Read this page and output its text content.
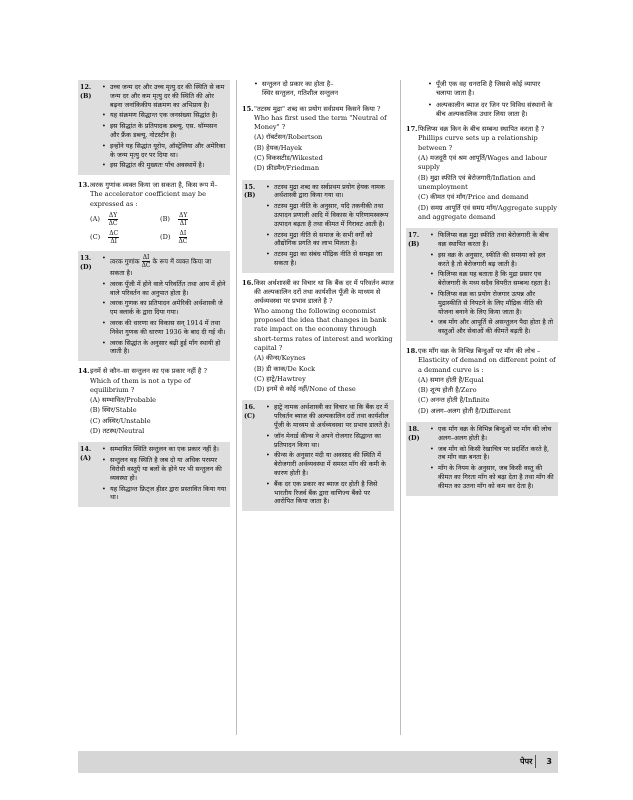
12. (B)
• उच्च जन्म दर और उच्च मृत्यु दर की स्थिति से कम जन्म दर और कम मृत्यु दर की स्थिति की ओर बढ़ना जनांकिकीय संक्रमण का अभिप्राय है।
• यह संक्रमण सिद्धान्त एक जनसंख्या सिद्धांत है।
• इस सिद्धांत के प्रतिपादक डब्ल्यू. एस. थॉम्पसन और फ्रैंक डब्ल्यू. नोटस्टीन है।
• इन्होंने यह सिद्धांत यूरोप, ऑस्ट्रेलिया और अमेरिका के जन्म मृत्यु दर पर दिया था।
• इस सिद्धांत की मुख्यतः पाँच अवस्थायें है।
13. त्वरक गुणांक व्यक्त किया जा सकता है, किस रूप में–
The accelerator coefficient may be expressed as :
$(A) \frac{\Delta Y}{\Delta C}$	$(B) \frac{\Delta Y}{\Delta I}$
$(C) \frac{\Delta C}{\Delta I}$	$(D) \frac{\Delta I}{\Delta C}$
13. (D)
• त्वरक गुणांक $\frac{\Delta I}{\Delta C}$ के रूप में व्यक्त किया जा सकता है।
• त्वरक पूँजी में होने वाले परिवर्तित तथा आय में होने वाले परिवर्तन का अनुपात होता है।
• त्वरक गुणक का प्रतिपादन अमेरिकी अर्थशास्त्री जे एम क्लार्क के द्वारा दिया गया।
• त्वरक की धारणा का विकास सन् 1914 में तथा निवेश गुणक की धारणा 1936 के बाद दी गई थी।
• त्वरक सिद्धांत के अनुसार बढ़ी हुई माँग स्थायी हो जाती है।
14. इनमें से कौन–सा सन्तुलन का एक प्रकार नहीं है ?
Which of them is not a type of equilibrium ?
(A) सम्भावित/Probable
(B) स्थिर/Stable
(C) अस्थिर/Unstable
(D) तटस्थ/Neutral
14. (A)
• सम्भावित स्थिति सन्तुलन का एक प्रकार नहीं है।
• सन्तुलन वह स्थिति है जब दो या अधिक परस्पर विरोधी वस्तुएँ या बलों के होने पर भी सन्तुलन की व्यवस्था हो।
• यह सिद्धान्त फ्रिट्ज हीडर द्वारा प्रस्तावित किया गया था।
• सन्तुलन दो प्रकार का होता है–
स्थिर सन्तुलन, गतिशील सन्तुलन
15. "तटस्थ मुद्रा" शब्द का प्रयोग सर्वप्रथम किसने किया ?
Who has first used the term "Neutral of Money" ?
(A) रॉबर्टसन/Robertson
(B) हेयक/Hayek
(C) विकसटीड/Wikested
(D) फ्रीडमैन/Friedman
15. (B)
• तटस्थ मुद्रा शब्द का सर्वप्रथम प्रयोग हेयक नामक अर्थशास्त्री द्वारा किया गया था।
• तटस्थ मुद्रा नीति के अनुसार, यदि तकनीकी तथा उत्पादन प्रणाली आदि में विकास के परिणामस्वरूप उत्पादन बढ़ता है तथा कीमत में गिरावट आती है।
• तटस्थ मुद्रा नीति से समाज के सभी वर्गों को औद्योगिक प्रगति का लाभ मिलता है।
• तटस्थ मुद्रा का संबंध मौद्रिक नीति से समझा जा सकता है।
16. किस अर्थशास्त्री का विचार था कि बैंक दर में परिवर्तन ब्याज की अल्पकालिन दरों तथा कार्यशील पूँजी के माध्यम से अर्थव्यवस्था पर प्रभाव डालते है ?
Who among the following economist proposed the idea that changes in bank rate impact on the economy through short-terms rates of interest and working capital ?
(A) कीन्स/Keynes
(B) डी काक/De Kock
(C) हाट्रे/Hawtrey
(D) इनमें से कोई नहीं/None of these
16. (C)
• हाट्रे नामक अर्थशास्त्री का विचार था कि बैंक दर में परिवर्तन ब्याज की अल्पकालिन दरों तथा कार्यशील पूँजी के माध्यम से अर्थव्यवस्था पर प्रभाव डालते है।
• जॉन मेनार्ड कीन्स ने अपने रोजगार सिद्धान्त का प्रतिपादन किया था।
• कीन्स के अनुसार मंदी या अवसाद की स्थिति में बेरोजगारी अर्थव्यवस्था में समस्त माँग की कमी के कारण होती है।
• बैंक दर एक प्रकार का ब्याज दर होती है जिसे भारतीय रिजर्व बैंक द्वारा वाणिज्य बैंको पर आरोपित किया जाता है।
• पूँजी एक वह धनराशि है जिससे कोई व्यापार चलाया जाता है।
• अल्पकालीन ब्याज दर जिन पर विविध संस्थानों के बीच अल्पकालिक उधार लिया जाता है।
17. फिलिप्स वक्र किन के बीच सम्बन्ध स्थापित करता है ?
Phillips curve sets up a relationship between ?
(A) मजदूरी एवं श्रम आपूर्ति/Wages and labour supply
(B) मुद्रा स्फीति एवं बेरोजगारी/Inflation and unemployment
(C) कीमत एवं माँग/Price and demand
(D) समग्र आपूर्ति एवं समग्र माँग/Aggregate supply and aggregate demand
17. (B)
• फिलिप्स वक्र मुद्रा स्फीति तथा बेरोजगारी के बीच वक्र स्थापित करता है।
• इस वक्र के अनुसार, स्फीति की समस्या को हल करते है तो बेरोजगारी बढ़ जाती है।
• फिलिप्स वक्र यह बताता है कि मुद्रा प्रसार एव बेरोजगारी के मध्य सदैव विपरीत सम्बन्ध रहता है।
• फिलिप्स वक्र का प्रयोग रोजगार उत्पन्न और मुद्रास्फीति से निपटने के लिए मौद्रिक नीति की योजना बनाने के लिए किया जाता है।
• जब माँग और आपूर्ति से असन्तुलन पैदा होता है तो वस्तुओं और सेवाओं की कीमतें बढ़ती है।
18. एक माँग वक्र के विभिन्न बिन्दुओं पर माँग की लोच –
Elasticity of demand on different point of a demand curve is :
(A) समान होती है/Equal
(B) शून्य होती है/Zero
(C) अनन्त होती है/Infinite
(D) अलग–अलग होती है/Different
18. (D)
• एक माँग वक्र के विभिन्न बिन्दुओं पर माँग की लोच अलग–अलग होती है।
• जब माँग को किसी रेखाचित्र पर प्रदर्शित करते है, तब माँग वक्र बनता है।
• माँग के नियम के अनुसार, जब किसी वस्तु की कीमत का गिरता माँग को बढ़ा देता है तथा माँग की कीमत का उतना माँग को कम कर देता है।
पेपर 3
